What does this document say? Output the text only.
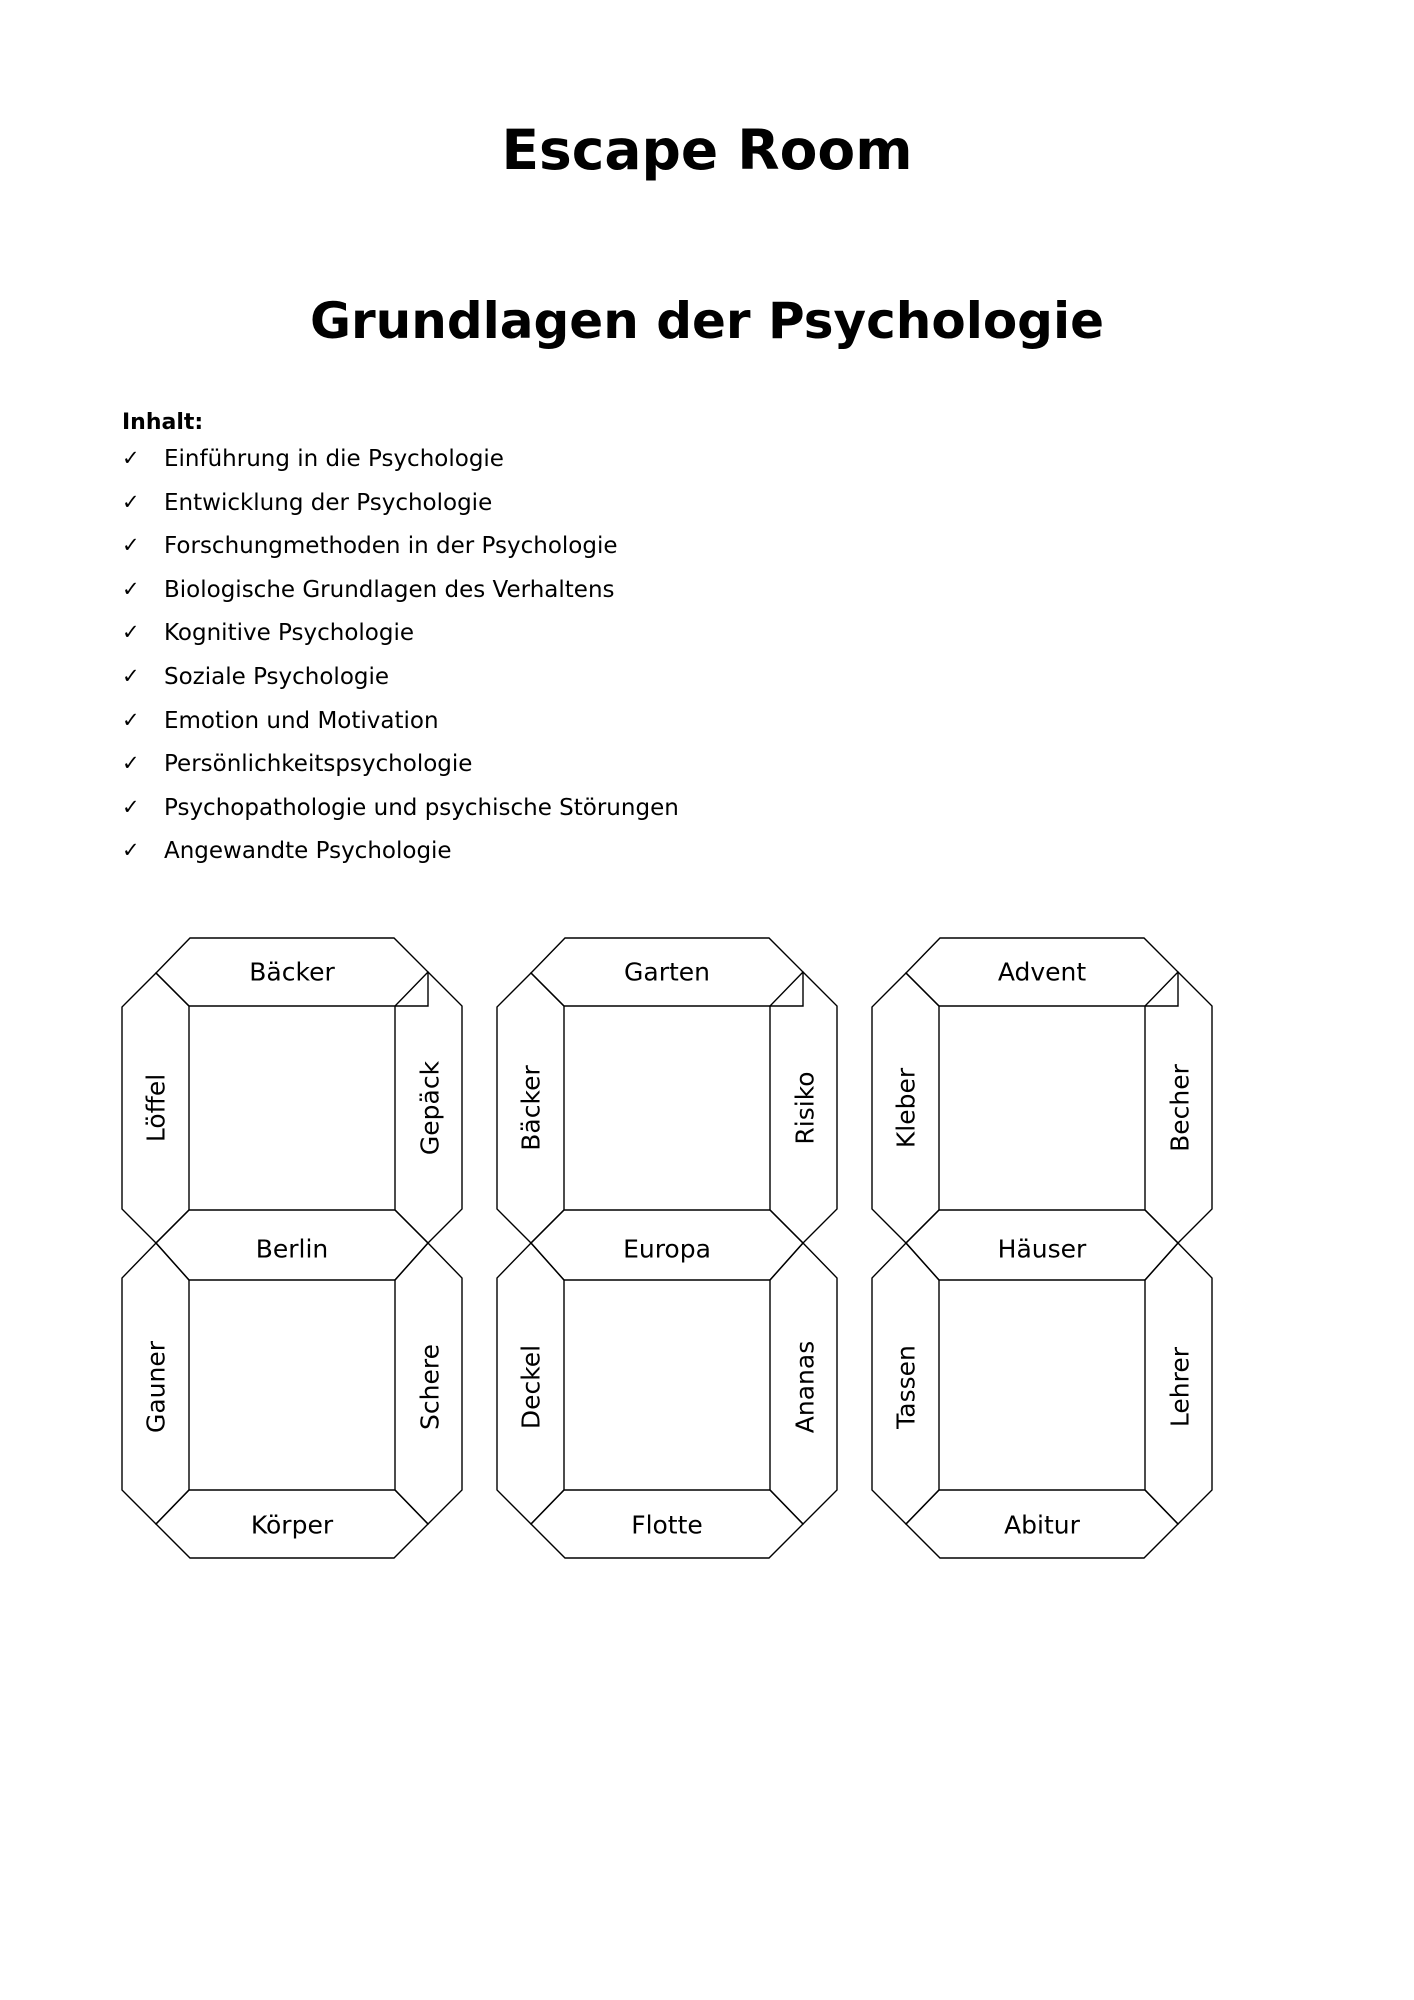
Escape Room
Grundlagen der Psychologie
Inhalt:
✓	Einführung in die Psychologie
✓	Entwicklung der Psychologie
✓	Forschungmethoden in der Psychologie
✓	Biologische Grundlagen des Verhaltens
✓	Kognitive Psychologie
✓	Soziale Psychologie
✓	Emotion und Motivation
✓	Persönlichkeitspsychologie
✓	Psychopathologie und psychische Störungen
✓	Angewandte Psychologie
Bäcker
Löffel	Gepäck
Berlin
Gauner	Schere
Körper
Garten
Bäcker	Risiko
Europa
Deckel	Ananas
Flotte
Advent
Kleber	Becher
Häuser
Tassen	Lehrer
Abitur
